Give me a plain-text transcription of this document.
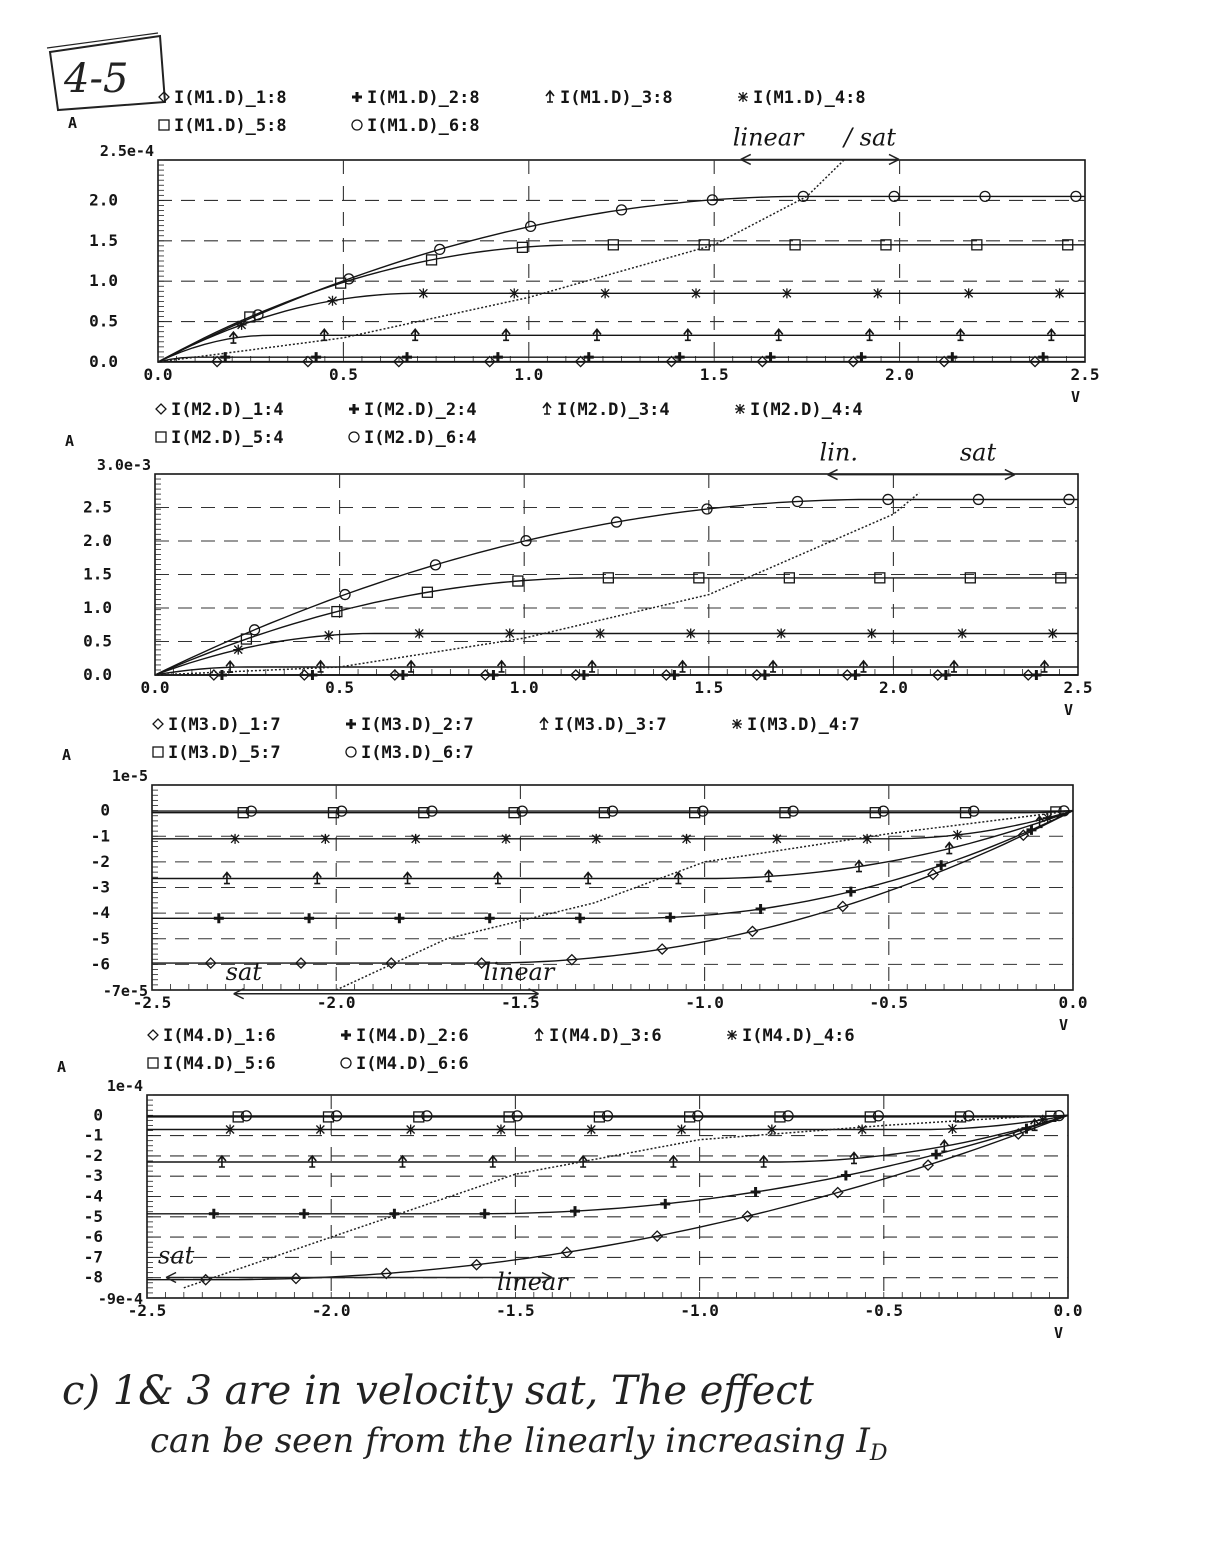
4-5	I(M1.D)_1:8	I(M1.D)_2:8	I(M1.D)_3:8	I(M1.D)_4:8
I(M1.D)_5:8	I(M1.D)_6:8
A
2.5e-4
V
2.0
1.5
1.0
0.5
0.0
0.0	0.5	1.0	1.5	2.0	2.5
linear / sat
I(M2.D)_1:4	I(M2.D)_2:4	I(M2.D)_3:4	I(M2.D)_4:4
I(M2.D)_5:4	I(M2.D)_6:4
A
3.0e-3
V
2.5
2.0
1.5
1.0
0.5
0.0
0.0	0.5	1.0	1.5	2.0	2.5
lin.	sat
I(M3.D)_1:7	I(M3.D)_2:7	I(M3.D)_3:7	I(M3.D)_4:7
I(M3.D)_5:7	I(M3.D)_6:7
A
1e-5
-7e-5
V
0
-1
-2
-3
-4
-5
-6
-2.5	-2.0	-1.5	-1.0	-0.5	0.0
sat	linear
I(M4.D)_1:6	I(M4.D)_2:6	I(M4.D)_3:6	I(M4.D)_4:6
I(M4.D)_5:6	I(M4.D)_6:6
A
1e-4
-9e-4
V
0
-1
-2
-3
-4
-5
-6
-7
-8
-2.5	-2.0	-1.5	-1.0	-0.5	0.0
sat
linear
c) 1& 3 are in velocity sat, The effect
can be seen from the linearly increasing $I_D$
